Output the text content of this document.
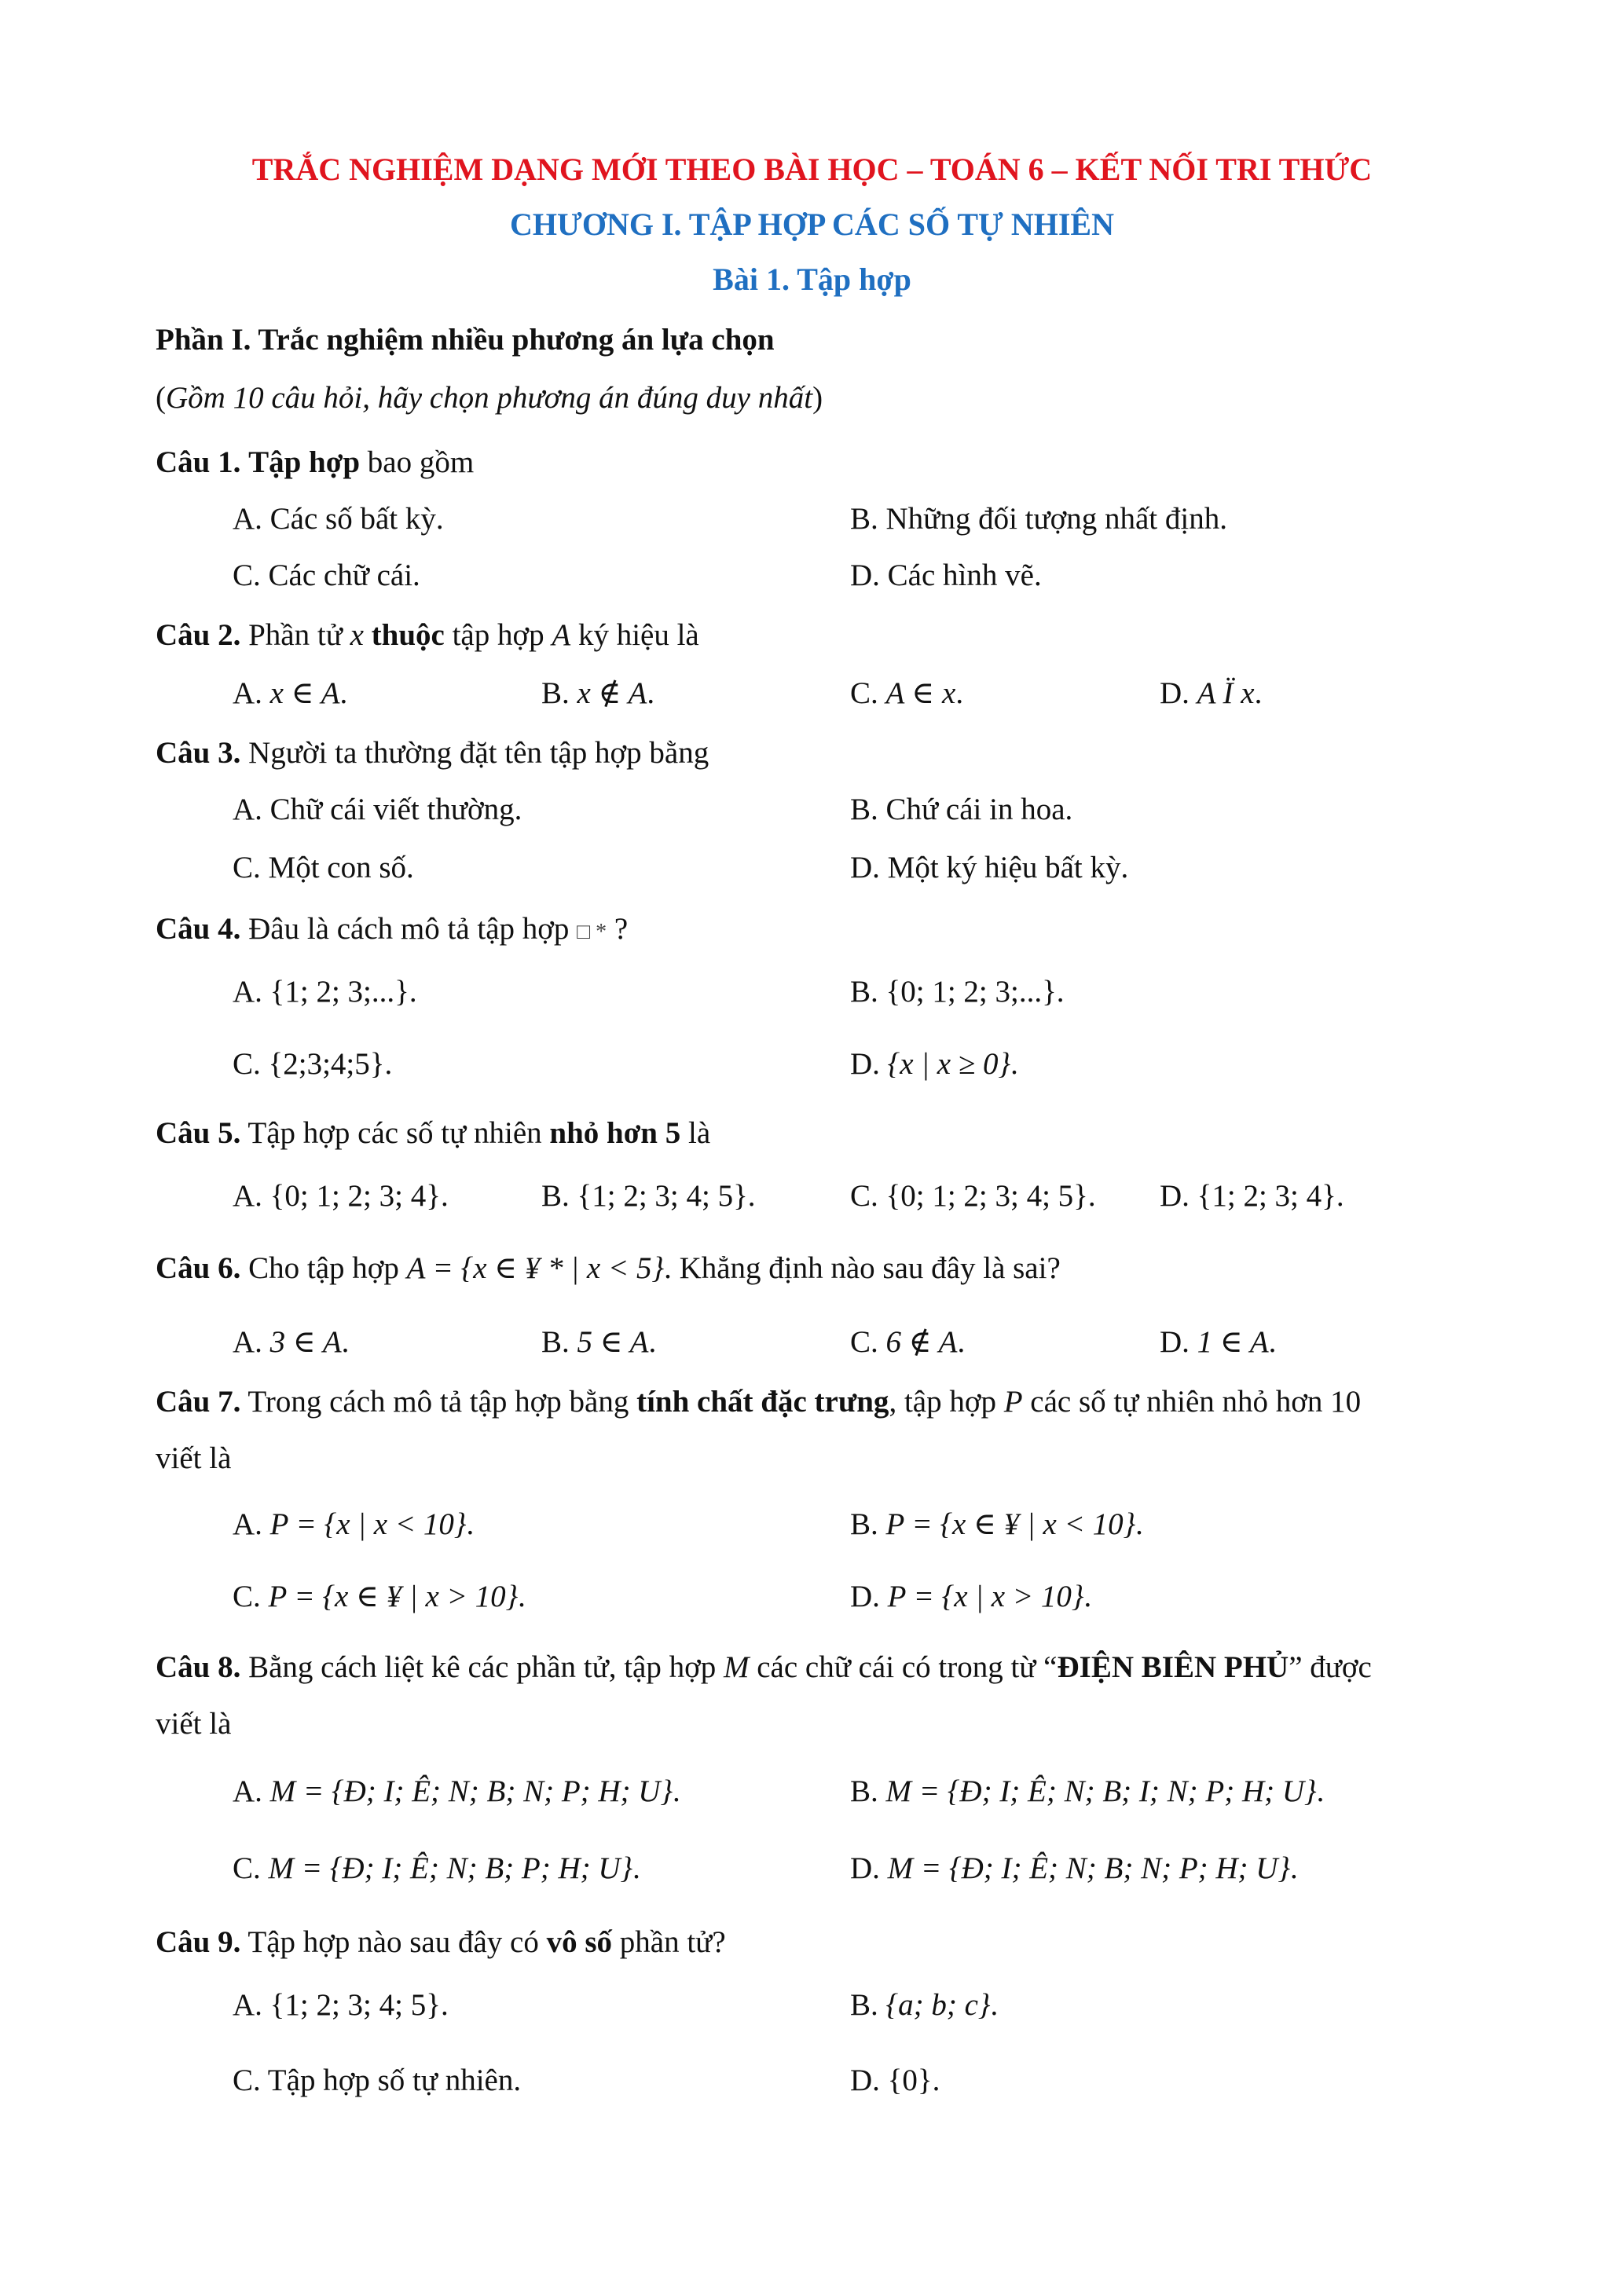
TRẮC NGHIỆM DẠNG MỚI THEO BÀI HỌC – TOÁN 6 – KẾT NỐI TRI THỨC
CHƯƠNG I. TẬP HỢP CÁC SỐ TỰ NHIÊN
Bài 1. Tập hợp
Phần I. Trắc nghiệm nhiều phương án lựa chọn
(Gồm 10 câu hỏi, hãy chọn phương án đúng duy nhất)
Câu 1. Tập hợp bao gồm
A. Các số bất kỳ.	B. Những đối tượng nhất định.
C. Các chữ cái.	D. Các hình vẽ.
Câu 2. Phần tử x thuộc tập hợp A ký hiệu là
A. x ∈ A.	B. x ∉ A.	C. A ∈ x.	D. A Ï x.
Câu 3. Người ta thường đặt tên tập hợp bằng
A. Chữ cái viết thường.	B. Chứ cái in hoa.
C. Một con số.	D. Một ký hiệu bất kỳ.
Câu 4. Đâu là cách mô tả tập hợp □ * ?
A. {1; 2; 3;...}.	B. {0; 1; 2; 3;...}.
C. {2;3;4;5}.	D. {x | x ≥ 0}.
Câu 5. Tập hợp các số tự nhiên nhỏ hơn 5 là
A. {0; 1; 2; 3; 4}.	B. {1; 2; 3; 4; 5}.	C. {0; 1; 2; 3; 4; 5}. D. {1; 2; 3; 4}.
Câu 6. Cho tập hợp A = {x ∈ ¥ * | x < 5}. Khẳng định nào sau đây là sai?
A. 3 ∈ A.	B. 5 ∈ A.	C. 6 ∉ A.	D. 1 ∈ A.
Câu 7. Trong cách mô tả tập hợp bằng tính chất đặc trưng, tập hợp P các số tự nhiên nhỏ hơn 10
viết là
A. P = {x | x < 10}.	B. P = {x ∈ ¥ | x < 10}.
C. P = {x ∈ ¥ | x > 10}.	D. P = {x | x > 10}.
Câu 8. Bằng cách liệt kê các phần tử, tập hợp M các chữ cái có trong từ “ĐIỆN BIÊN PHỦ” được
viết là
A. M = {Đ; I; Ê; N; B; N; P; H; U}.	B. M = {Đ; I; Ê; N; B; I; N; P; H; U}.
C. M = {Đ; I; Ê; N; B; P; H; U}.	D. M = {Đ; I; Ê; N; B; N; P; H; U}.
Câu 9. Tập hợp nào sau đây có vô số phần tử?
A. {1; 2; 3; 4; 5}.	B. {a; b; c}.
C. Tập hợp số tự nhiên.	D. {0}.
